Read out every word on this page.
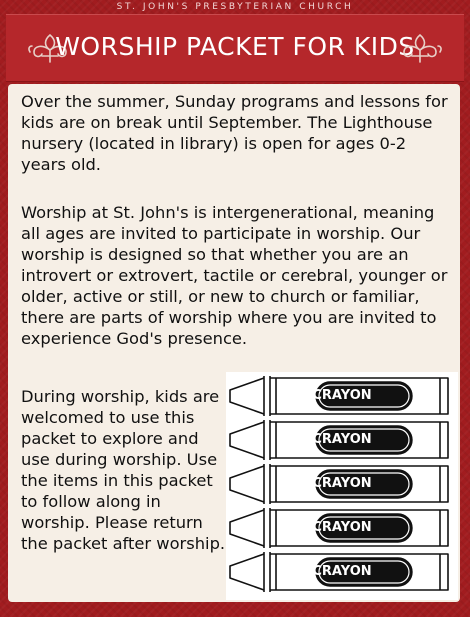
ST. JOHN'S PRESBYTERIAN CHURCH
WORSHIP PACKET FOR KIDS

Over the summer, Sunday programs and lessons for kids are on break until September. The Lighthouse nursery (located in library) is open for ages 0-2 years old.

Worship at St. John's is intergenerational, meaning all ages are invited to participate in worship. Our worship is designed so that whether you are an introvert or extrovert, tactile or cerebral, younger or older, active or still, or new to church or familiar, there are parts of worship where you are invited to experience God's presence.

During worship, kids are welcomed to use this packet to explore and use during worship. Use the items in this packet to follow along in worship. Please return the packet after worship.

CRAYON
CRAYON
CRAYON
CRAYON
CRAYON
